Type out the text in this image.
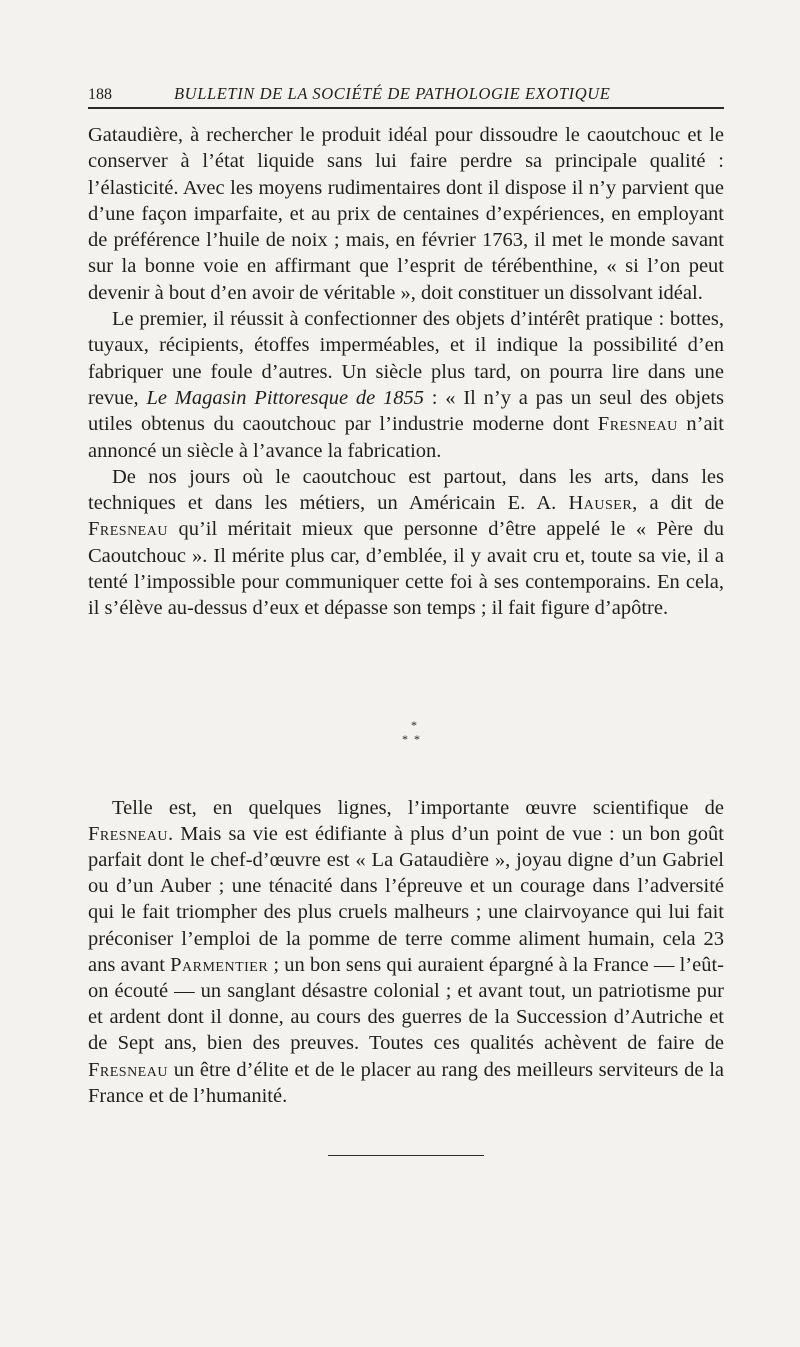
188	BULLETIN DE LA SOCIÉTÉ DE PATHOLOGIE EXOTIQUE

Gataudière, à rechercher le produit idéal pour dissoudre le caoutchouc et le conserver à l’état liquide sans lui faire perdre sa principale qualité : l’élasticité. Avec les moyens rudimentaires dont il dispose il n’y parvient que d’une façon imparfaite, et au prix de centaines d’expériences, en employant de préférence l’huile de noix ; mais, en février 1763, il met le monde savant sur la bonne voie en affirmant que l’esprit de térébenthine, « si l’on peut devenir à bout d’en avoir de véritable », doit constituer un dissolvant idéal.

Le premier, il réussit à confectionner des objets d’intérêt pratique : bottes, tuyaux, récipients, étoffes imperméables, et il indique la possibilité d’en fabriquer une foule d’autres. Un siècle plus tard, on pourra lire dans une revue, Le Magasin Pittoresque de 1855 : « Il n’y a pas un seul des objets utiles obtenus du caoutchouc par l’industrie moderne dont Fresneau n’ait annoncé un siècle à l’avance la fabrication.

De nos jours où le caoutchouc est partout, dans les arts, dans les techniques et dans les métiers, un Américain E. A. Hauser, a dit de Fresneau qu’il méritait mieux que personne d’être appelé le « Père du Caoutchouc ». Il mérite plus car, d’emblée, il y avait cru et, toute sa vie, il a tenté l’impossible pour communiquer cette foi à ses contemporains. En cela, il s’élève au-dessus d’eux et dépasse son temps ; il fait figure d’apôtre.

*
**

Telle est, en quelques lignes, l’importante œuvre scientifique de Fresneau. Mais sa vie est édifiante à plus d’un point de vue : un bon goût parfait dont le chef-d’œuvre est « La Gataudière », joyau digne d’un Gabriel ou d’un Auber ; une ténacité dans l’épreuve et un courage dans l’adversité qui le fait triompher des plus cruels malheurs ; une clairvoyance qui lui fait préconiser l’emploi de la pomme de terre comme aliment humain, cela 23 ans avant Parmentier ; un bon sens qui auraient épargné à la France — l’eût-on écouté — un sanglant désastre colonial ; et avant tout, un patriotisme pur et ardent dont il donne, au cours des guerres de la Succession d’Autriche et de Sept ans, bien des preuves. Toutes ces qualités achèvent de faire de Fresneau un être d’élite et de le placer au rang des meilleurs serviteurs de la France et de l’humanité.
